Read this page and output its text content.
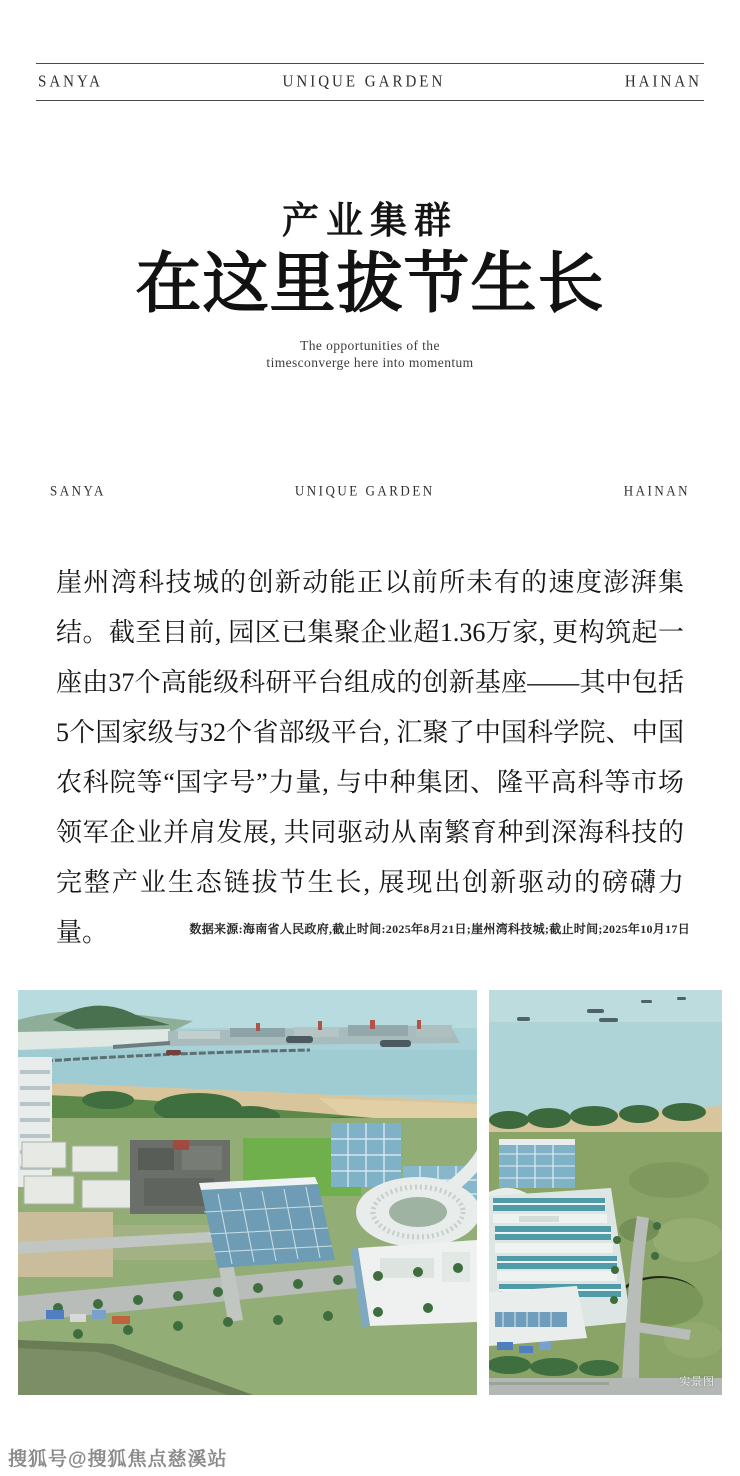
SANYA	UNIQUE GARDEN	HAINAN
产业集群
在这里拔节生长
The opportunities of the
timesconverge here into momentum
SANYA	UNIQUE GARDEN	HAINAN
崖州湾科技城的创新动能正以前所未有的速度澎湃集结。截至目前, 园区已集聚企业超1.36万家, 更构筑起一座由37个高能级科研平台组成的创新基座——其中包括5个国家级与32个省部级平台, 汇聚了中国科学院、中国农科院等“国字号”力量, 与中种集团、隆平高科等市场领军企业并肩发展, 共同驱动从南繁育种到深海科技的完整产业生态链拔节生长, 展现出创新驱动的磅礴力量。	数据来源:海南省人民政府,截止时间:2025年8月21日;崖州湾科技城;截止时间;2025年10月17日
实景图
搜狐号@搜狐焦点慈溪站
